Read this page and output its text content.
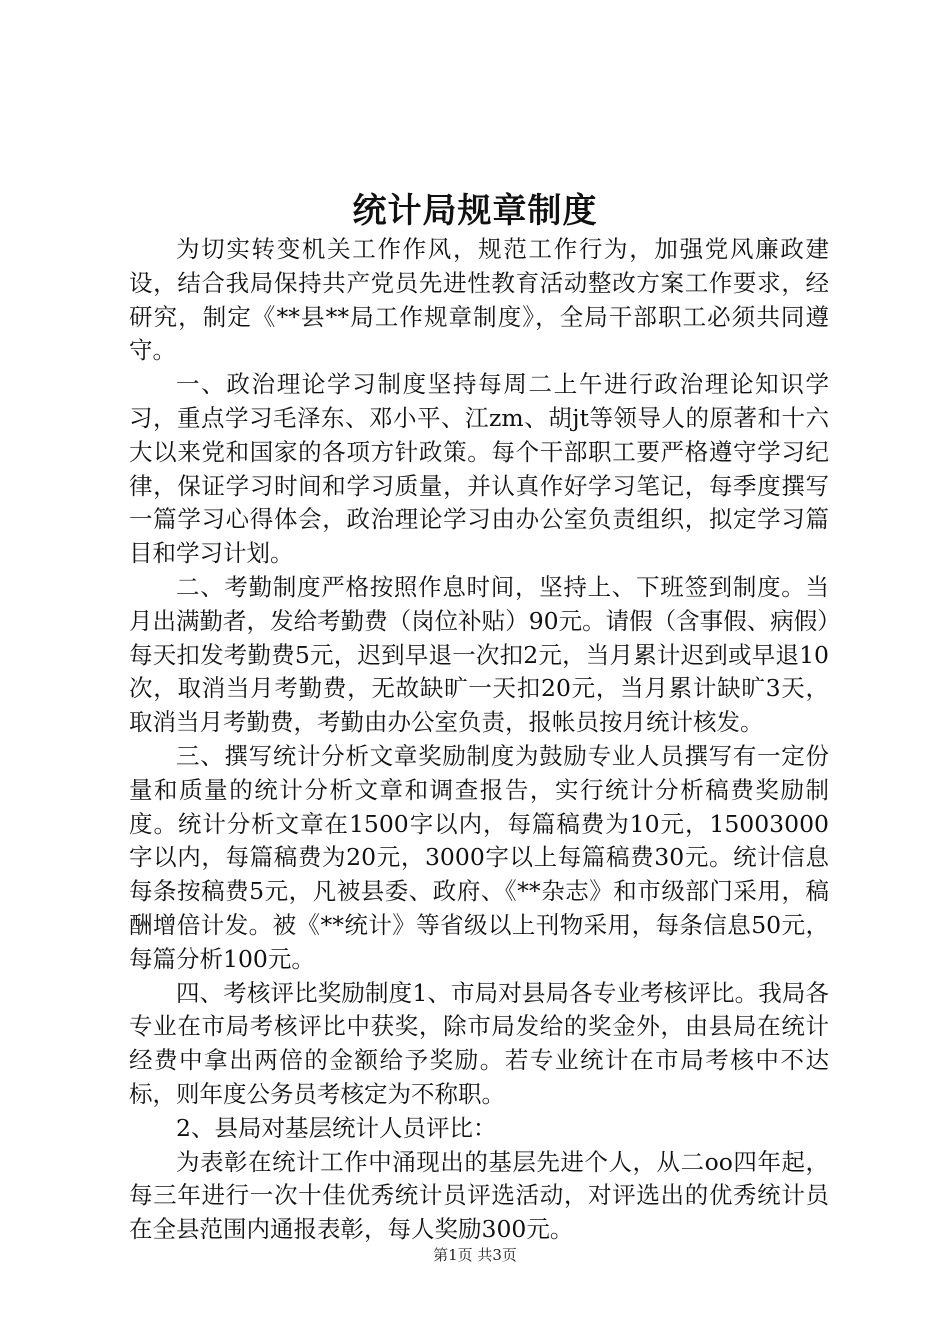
统计局规章制度

为切实转变机关工作作风，规范工作行为，加强党风廉政建设，结合我局保持共产党员先进性教育活动整改方案工作要求，经研究，制定《**县**局工作规章制度》，全局干部职工必须共同遵守。

一、政治理论学习制度坚持每周二上午进行政治理论知识学习，重点学习毛泽东、邓小平、江zm、胡jt等领导人的原著和十六大以来党和国家的各项方针政策。每个干部职工要严格遵守学习纪律，保证学习时间和学习质量，并认真作好学习笔记，每季度撰写一篇学习心得体会，政治理论学习由办公室负责组织，拟定学习篇目和学习计划。

二、考勤制度严格按照作息时间，坚持上、下班签到制度。当月出满勤者，发给考勤费（岗位补贴）90元。请假（含事假、病假）每天扣发考勤费5元，迟到早退一次扣2元，当月累计迟到或早退10次，取消当月考勤费，无故缺旷一天扣20元，当月累计缺旷3天，取消当月考勤费，考勤由办公室负责，报帐员按月统计核发。

三、撰写统计分析文章奖励制度为鼓励专业人员撰写有一定份量和质量的统计分析文章和调查报告，实行统计分析稿费奖励制度。统计分析文章在1500字以内，每篇稿费为10元，15003000字以内，每篇稿费为20元，3000字以上每篇稿费30元。统计信息每条按稿费5元，凡被县委、政府、《**杂志》和市级部门采用，稿酬增倍计发。被《**统计》等省级以上刊物采用，每条信息50元，每篇分析100元。

四、考核评比奖励制度1、市局对县局各专业考核评比。我局各专业在市局考核评比中获奖，除市局发给的奖金外，由县局在统计经费中拿出两倍的金额给予奖励。若专业统计在市局考核中不达标，则年度公务员考核定为不称职。

2、县局对基层统计人员评比：

为表彰在统计工作中涌现出的基层先进个人，从二oo四年起，每三年进行一次十佳优秀统计员评选活动，对评选出的优秀统计员在全县范围内通报表彰，每人奖励300元。

第1页 共3页
